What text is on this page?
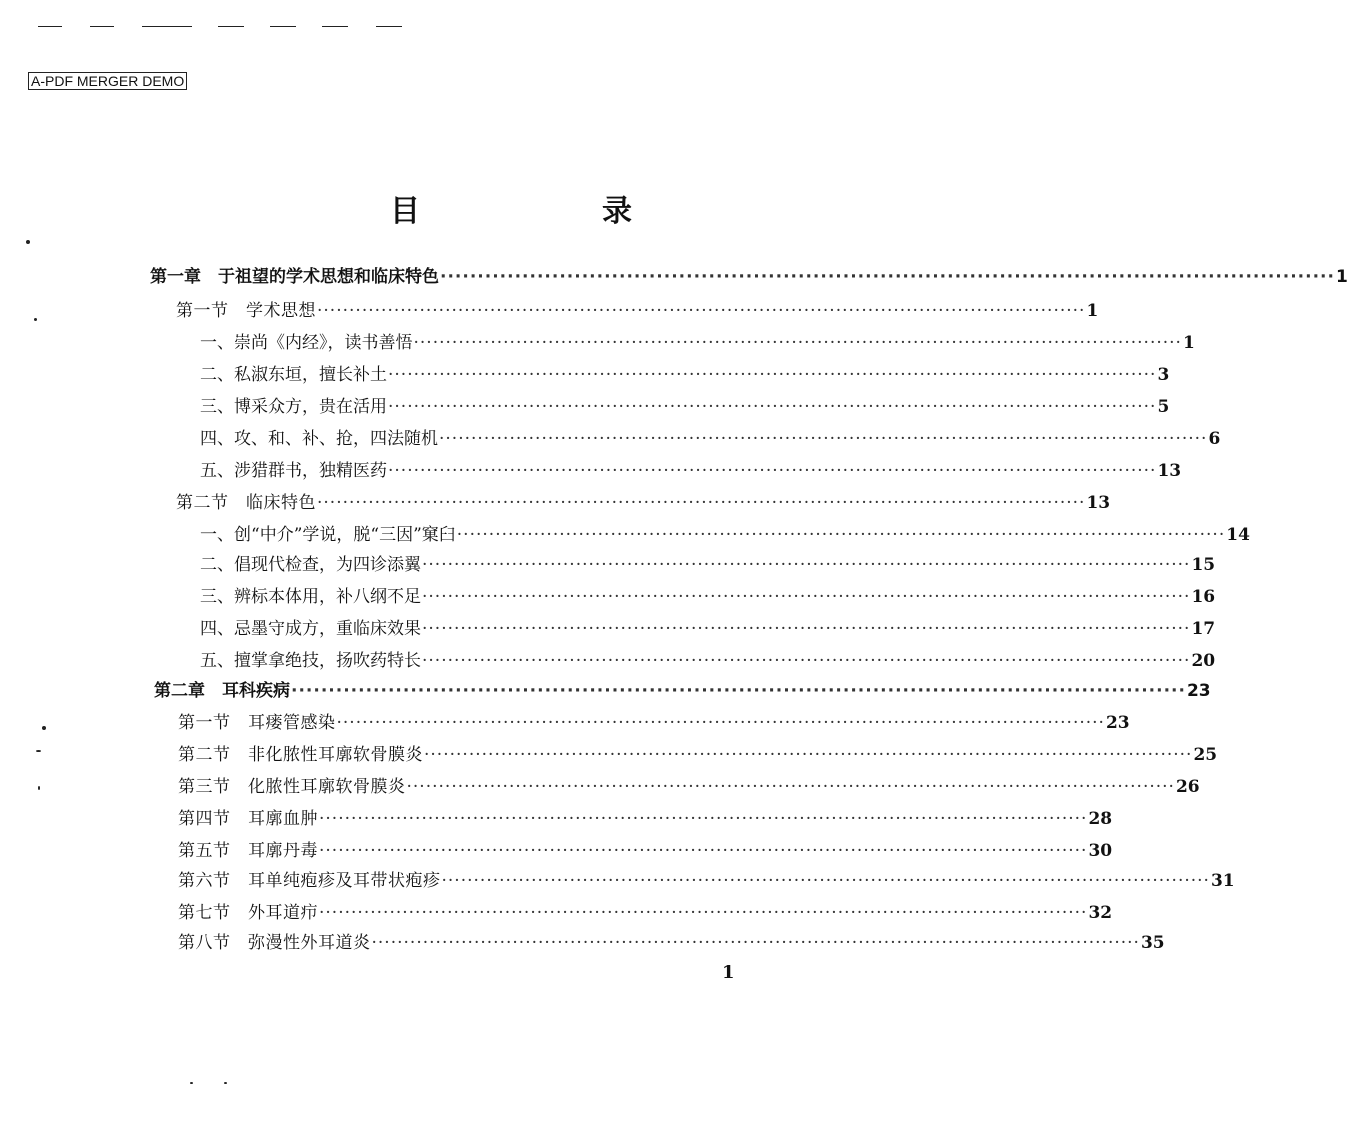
A-PDF MERGER DEMO
目　录
第一章　于祖望的学术思想和临床特色 ························································································································ 1
第一节　学术思想 ························································································································ 1
一、崇尚《内经》，读书善悟 ························································································································ 1
二、私淑东垣，擅长补土 ························································································································ 3
三、博采众方，贵在活用 ························································································································ 5
四、攻、和、补、抢，四法随机 ························································································································ 6
五、涉猎群书，独精医药 ························································································································ 13
第二节　临床特色 ························································································································ 13
一、创“中介”学说，脱“三因”窠臼 ························································································································ 14
二、倡现代检查，为四诊添翼 ························································································································ 15
三、辨标本体用，补八纲不足 ························································································································ 16
四、忌墨守成方，重临床效果 ························································································································ 17
五、擅掌拿绝技，扬吹药特长 ························································································································ 20
第二章　耳科疾病 ························································································································ 23
第一节　耳瘘管感染 ························································································································ 23
第二节　非化脓性耳廓软骨膜炎 ························································································································ 25
第三节　化脓性耳廓软骨膜炎 ························································································································ 26
第四节　耳廓血肿 ························································································································ 28
第五节　耳廓丹毒 ························································································································ 30
第六节　耳单纯疱疹及耳带状疱疹 ························································································································ 31
第七节　外耳道疖 ························································································································ 32
第八节　弥漫性外耳道炎 ························································································································ 35
1
